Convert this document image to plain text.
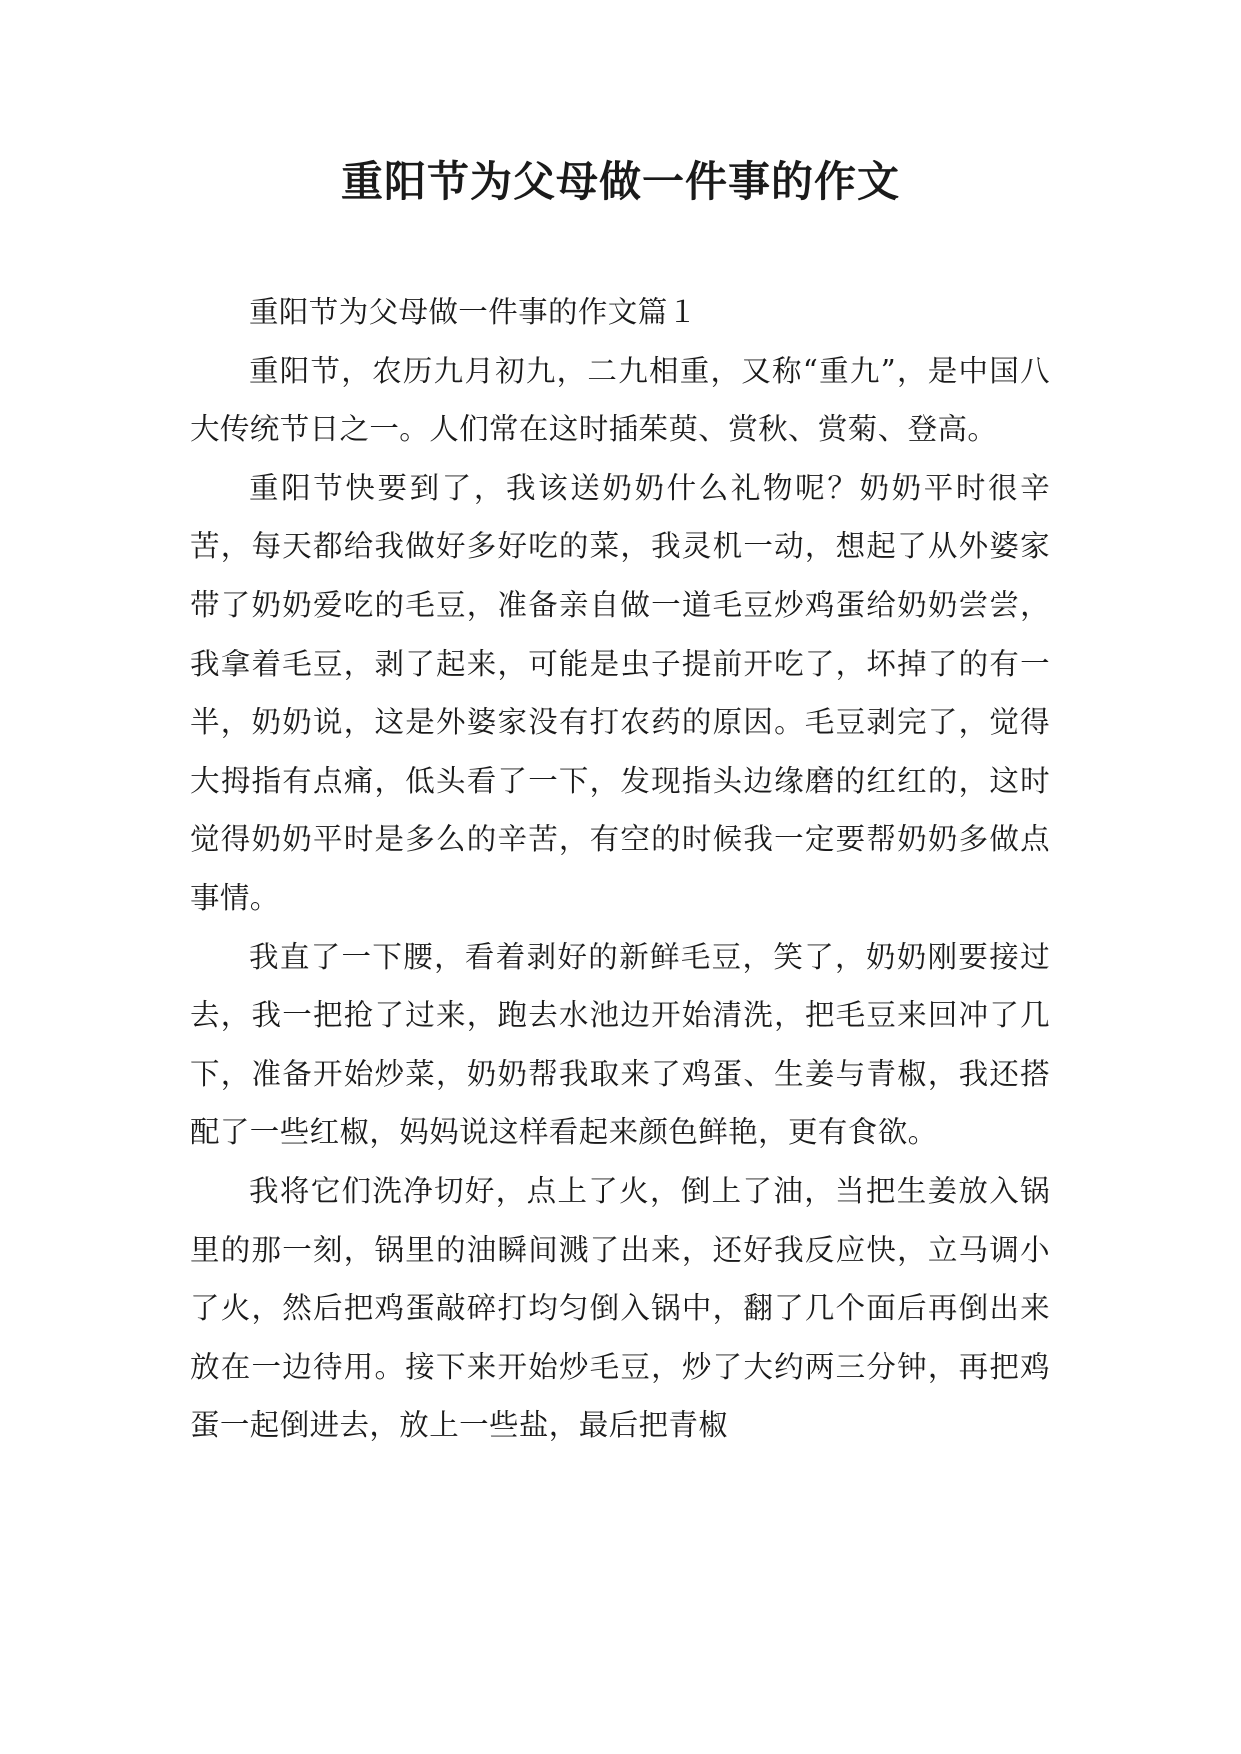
重阳节为父母做一件事的作文

重阳节为父母做一件事的作文篇１

重阳节，农历九月初九，二九相重，又称“重九”，是中国八大传统节日之一。人们常在这时插茱萸、赏秋、赏菊、登高。

重阳节快要到了，我该送奶奶什么礼物呢？奶奶平时很辛苦，每天都给我做好多好吃的菜，我灵机一动，想起了从外婆家带了奶奶爱吃的毛豆，准备亲自做一道毛豆炒鸡蛋给奶奶尝尝，我拿着毛豆，剥了起来，可能是虫子提前开吃了，坏掉了的有一半，奶奶说，这是外婆家没有打农药的原因。毛豆剥完了，觉得大拇指有点痛，低头看了一下，发现指头边缘磨的红红的，这时觉得奶奶平时是多么的辛苦，有空的时候我一定要帮奶奶多做点事情。

我直了一下腰，看着剥好的新鲜毛豆，笑了，奶奶刚要接过去，我一把抢了过来，跑去水池边开始清洗，把毛豆来回冲了几下，准备开始炒菜，奶奶帮我取来了鸡蛋、生姜与青椒，我还搭配了一些红椒，妈妈说这样看起来颜色鲜艳，更有食欲。

我将它们洗净切好，点上了火，倒上了油，当把生姜放入锅里的那一刻，锅里的油瞬间溅了出来，还好我反应快，立马调小了火，然后把鸡蛋敲碎打均匀倒入锅中，翻了几个面后再倒出来放在一边待用。接下来开始炒毛豆，炒了大约两三分钟，再把鸡蛋一起倒进去，放上一些盐，最后把青椒
